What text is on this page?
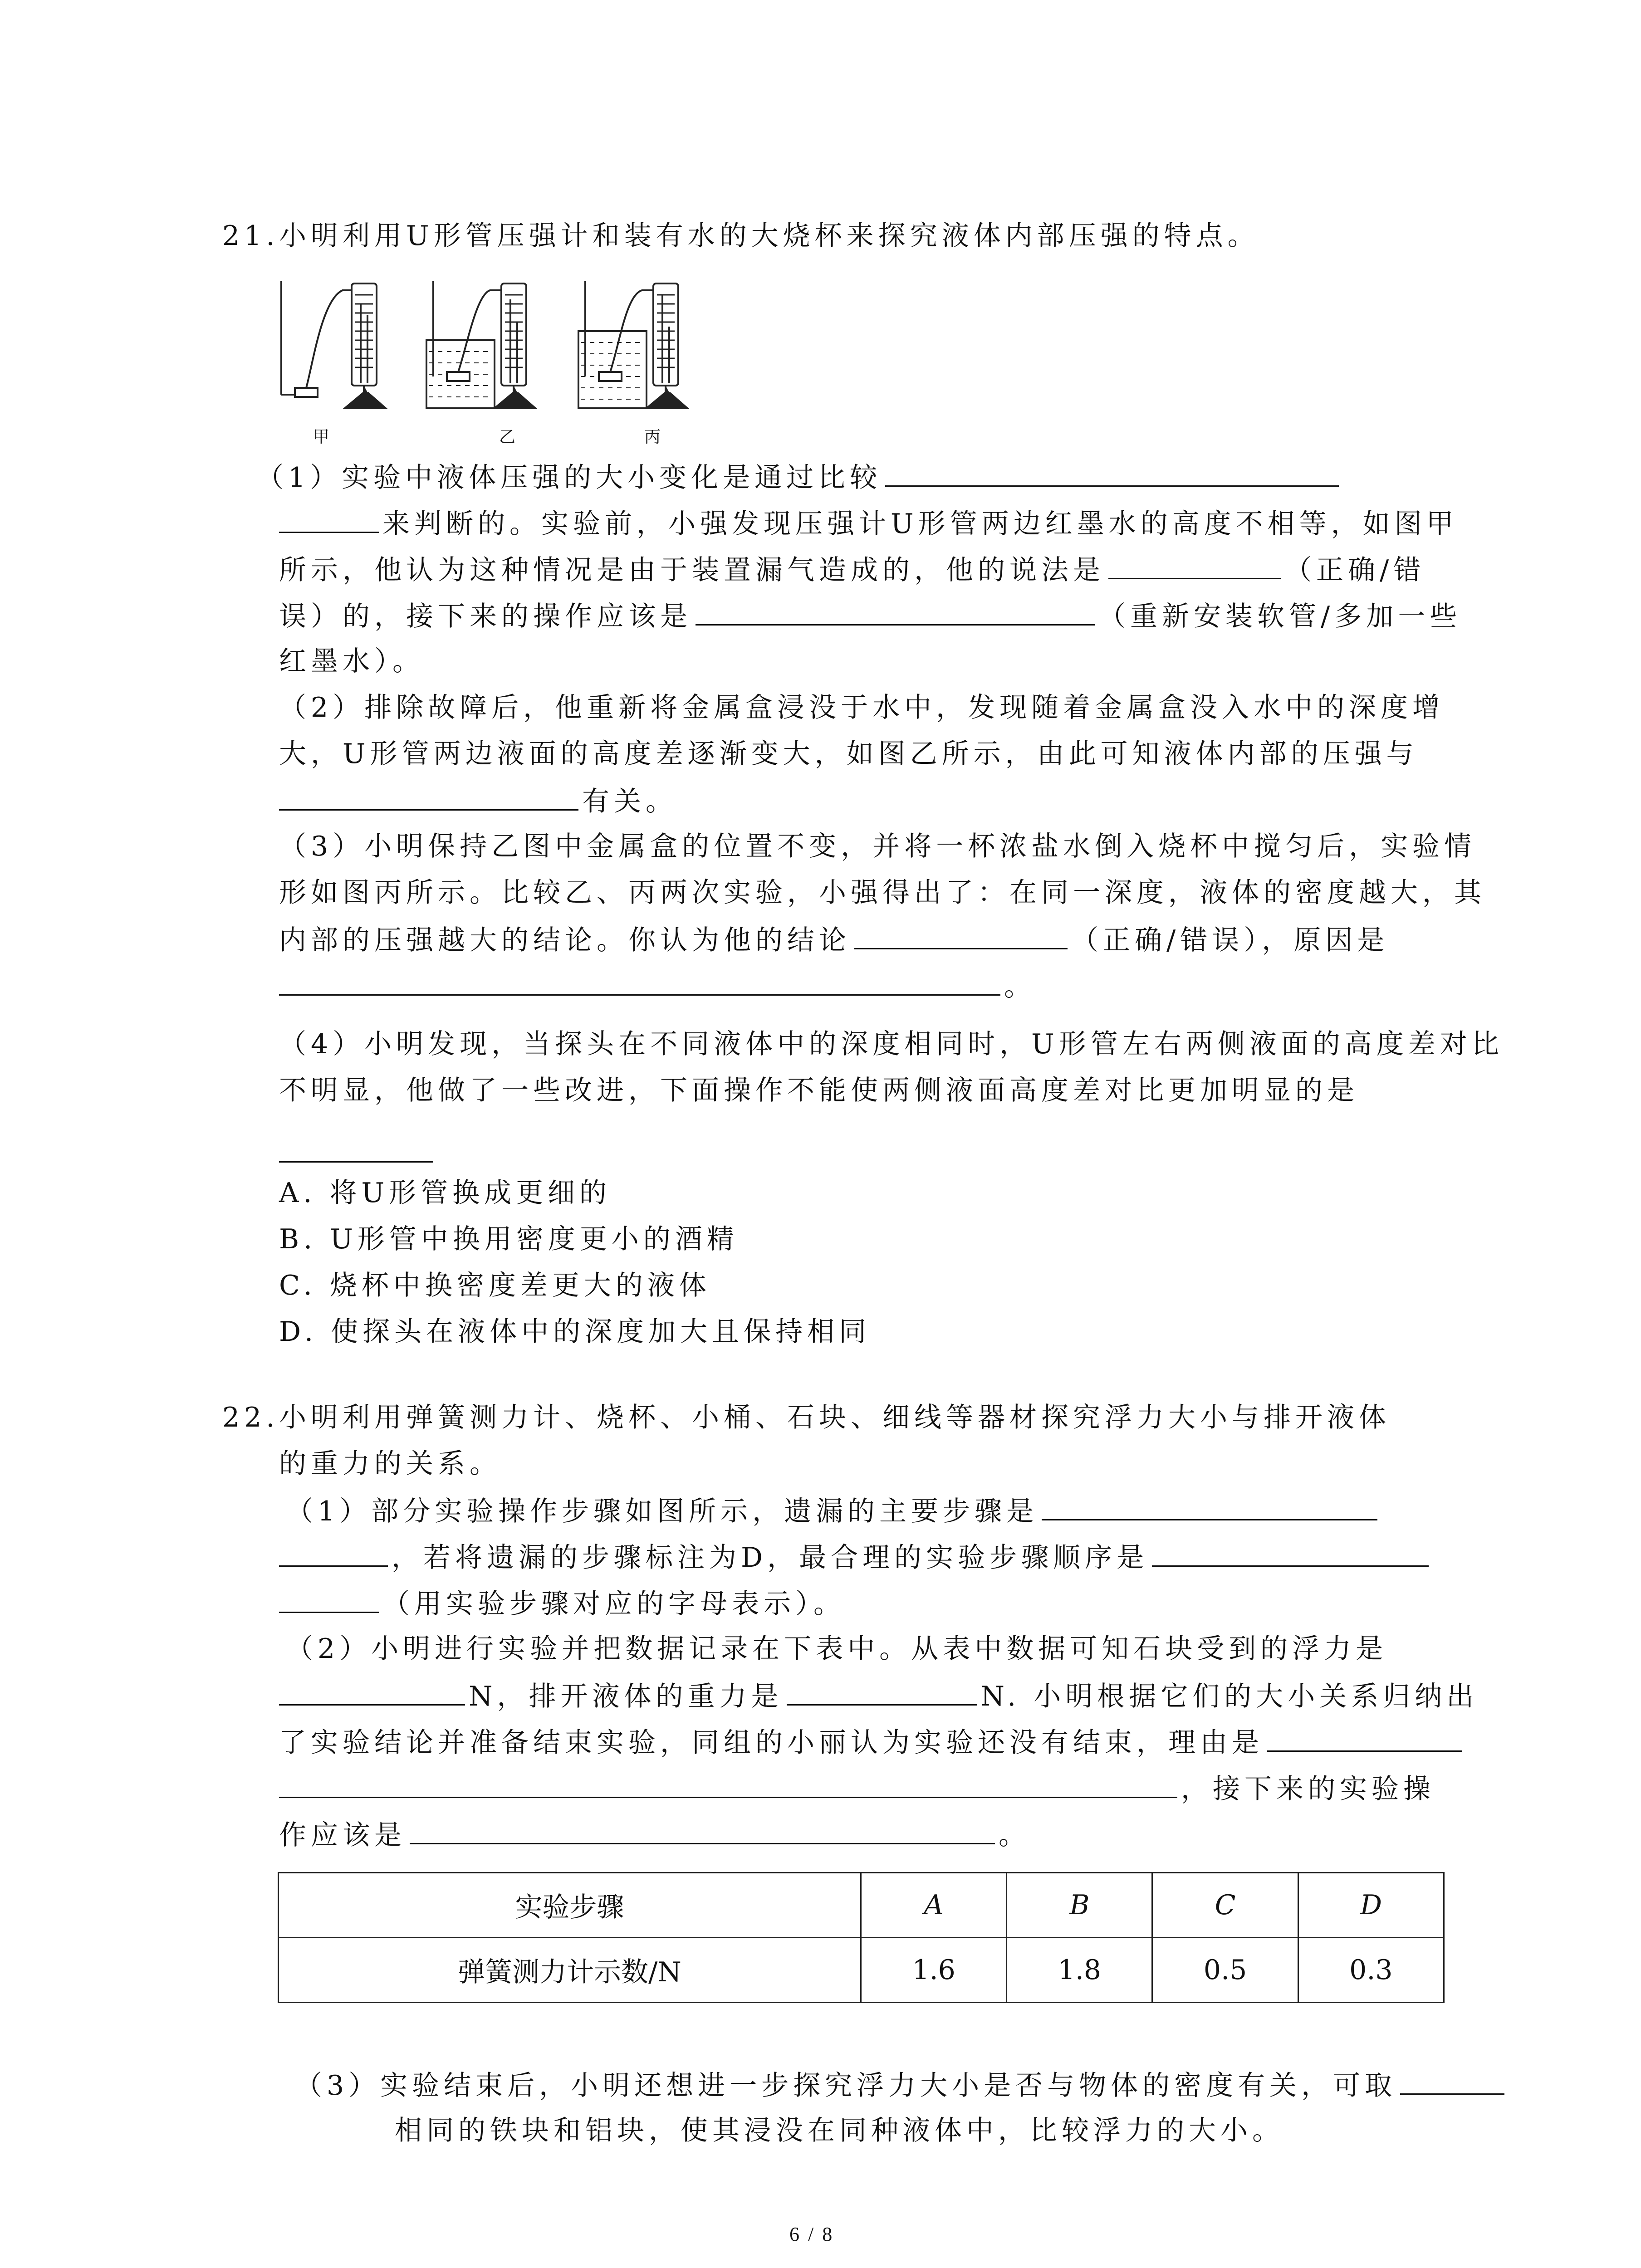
21. 小明利用U形管压强计和装有水的大烧杯来探究液体内部压强的特点。
甲	乙	丙
（1）实验中液体压强的大小变化是通过比较
来判断的。实验前，小强发现压强计U形管两边红墨水的高度不相等，如图甲
所示，他认为这种情况是由于装置漏气造成的，他的说法是	（正确/错
误）的，接下来的操作应该是	（重新安装软管/多加一些
红墨水）。
（2）排除故障后，他重新将金属盒浸没于水中，发现随着金属盒没入水中的深度增
大，U形管两边液面的高度差逐渐变大，如图乙所示，由此可知液体内部的压强与
有关。
（3）小明保持乙图中金属盒的位置不变，并将一杯浓盐水倒入烧杯中搅匀后，实验情
形如图丙所示。比较乙、丙两次实验，小强得出了：在同一深度，液体的密度越大，其
内部的压强越大的结论。你认为他的结论	（正确/错误），原因是
。
（4）小明发现，当探头在不同液体中的深度相同时，U形管左右两侧液面的高度差对比
不明显，他做了一些改进，下面操作不能使两侧液面高度差对比更加明显的是
A. 将U形管换成更细的
B. U形管中换用密度更小的酒精
C. 烧杯中换密度差更大的液体
D. 使探头在液体中的深度加大且保持相同
22. 小明利用弹簧测力计、烧杯、小桶、石块、细线等器材探究浮力大小与排开液体
的重力的关系。
（1）部分实验操作步骤如图所示，遗漏的主要步骤是
，若将遗漏的步骤标注为D，最合理的实验步骤顺序是
（用实验步骤对应的字母表示）。
（2）小明进行实验并把数据记录在下表中。从表中数据可知石块受到的浮力是
N，排开液体的重力是	N. 小明根据它们的大小关系归纳出
了实验结论并准备结束实验，同组的小丽认为实验还没有结束，理由是
，接下来的实验操
作应该是	。
实验步骤	A	B	C	D
弹簧测力计示数/N	1.6	1.8	0.5	0.3
（3）实验结束后，小明还想进一步探究浮力大小是否与物体的密度有关，可取
相同的铁块和铝块，使其浸没在同种液体中，比较浮力的大小。
6 / 8
